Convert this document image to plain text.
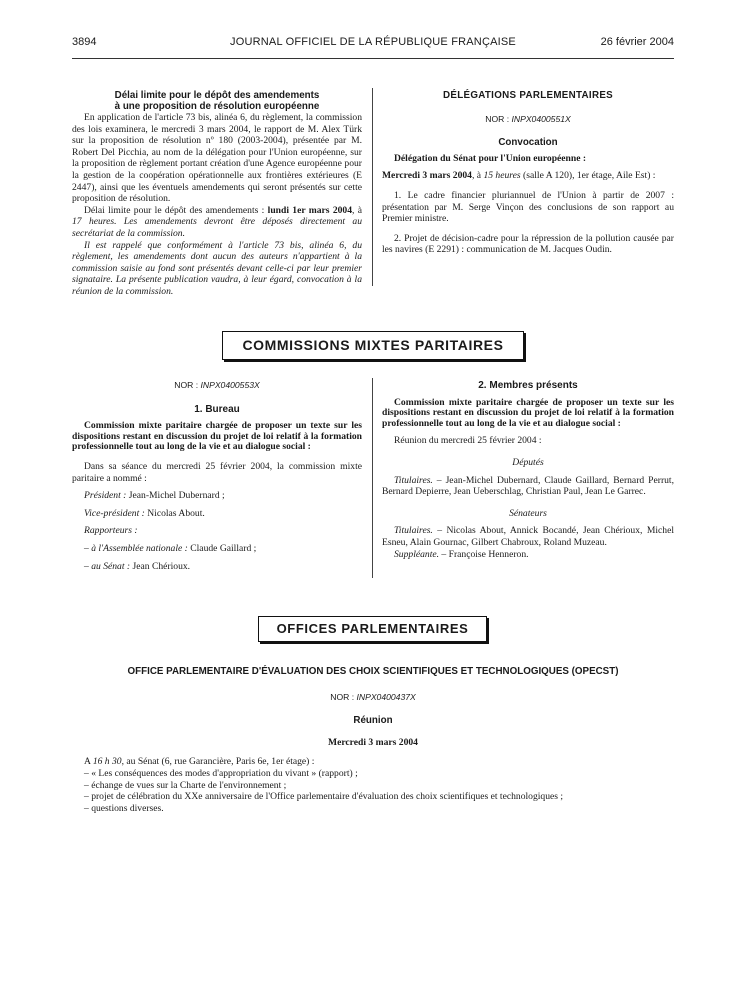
3894	JOURNAL OFFICIEL DE LA RÉPUBLIQUE FRANÇAISE	26 février 2004
Délai limite pour le dépôt des amendements
à une proposition de résolution européenne

En application de l'article 73 bis, alinéa 6, du règlement, la commission des lois examinera, le mercredi 3 mars 2004, le rapport de M. Alex Türk sur la proposition de résolution nº 180 (2003-2004), présentée par M. Robert Del Picchia, au nom de la délégation pour l'Union européenne, sur la proposition de règlement portant création d'une Agence européenne pour la gestion de la coopération opérationnelle aux frontières extérieures (E 2447), ainsi que les éventuels amendements qui seront présentés sur cette proposition de résolution.

Délai limite pour le dépôt des amendements : lundi 1er mars 2004, à 17 heures. Les amendements devront être déposés directement au secrétariat de la commission.

Il est rappelé que conformément à l'article 73 bis, alinéa 6, du règlement, les amendements dont aucun des auteurs n'appartient à la commission saisie au fond sont présentés devant celle-ci par leur premier signataire. La présente publication vaudra, à leur égard, convocation à la réunion de la commission.

DÉLÉGATIONS PARLEMENTAIRES
NOR : INPX0400551X
Convocation

Délégation du Sénat pour l'Union européenne :

Mercredi 3 mars 2004, à 15 heures (salle A 120), 1er étage, Aile Est) :

1. Le cadre financier pluriannuel de l'Union à partir de 2007 : présentation par M. Serge Vinçon des conclusions de son rapport au Premier ministre.

2. Projet de décision-cadre pour la répression de la pollution causée par les navires (E 2291) : communication de M. Jacques Oudin.

COMMISSIONS MIXTES PARITAIRES
NOR : INPX0400553X
1. Bureau

Commission mixte paritaire chargée de proposer un texte sur les dispositions restant en discussion du projet de loi relatif à la formation professionnelle tout au long de la vie et au dialogue social :

Dans sa séance du mercredi 25 février 2004, la commission mixte paritaire a nommé :

Président : Jean-Michel Dubernard ;

Vice-président : Nicolas About.

Rapporteurs :

– à l'Assemblée nationale : Claude Gaillard ;

– au Sénat : Jean Chérioux.

2. Membres présents

Commission mixte paritaire chargée de proposer un texte sur les dispositions restant en discussion du projet de loi relatif à la formation professionnelle tout au long de la vie et au dialogue social :

Réunion du mercredi 25 février 2004 :

Députés

Titulaires. – Jean-Michel Dubernard, Claude Gaillard, Bernard Perrut, Bernard Depierre, Jean Ueberschlag, Christian Paul, Jean Le Garrec.

Sénateurs

Titulaires. – Nicolas About, Annick Bocandé, Jean Chérioux, Michel Esneu, Alain Gournac, Gilbert Chabroux, Roland Muzeau.

Suppléante. – Françoise Henneron.

OFFICES PARLEMENTAIRES
OFFICE PARLEMENTAIRE D'ÉVALUATION DES CHOIX SCIENTIFIQUES ET TECHNOLOGIQUES (OPECST)
NOR : INPX0400437X
Réunion
Mercredi 3 mars 2004

A 16 h 30, au Sénat (6, rue Garancière, Paris 6e, 1er étage) :

– « Les conséquences des modes d'appropriation du vivant » (rapport) ;

– échange de vues sur la Charte de l'environnement ;

– projet de célébration du XXe anniversaire de l'Office parlementaire d'évaluation des choix scientifiques et technologiques ;

– questions diverses.
